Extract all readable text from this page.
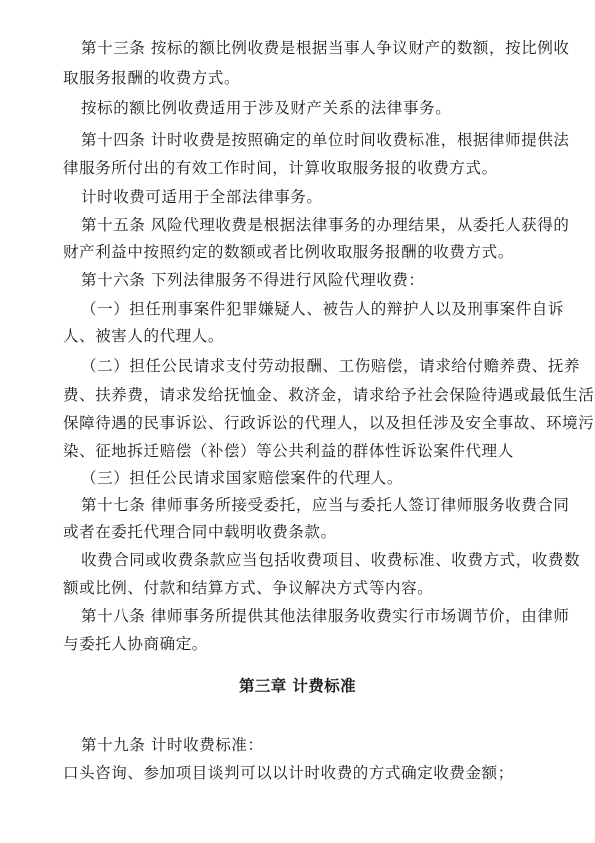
第十三条 按标的额比例收费是根据当事人争议财产的数额，按比例收
取服务报酬的收费方式。
按标的额比例收费适用于涉及财产关系的法律事务。
第十四条 计时收费是按照确定的单位时间收费标准，根据律师提供法
律服务所付出的有效工作时间，计算收取服务报的收费方式。
计时收费可适用于全部法律事务。
第十五条 风险代理收费是根据法律事务的办理结果，从委托人获得的
财产利益中按照约定的数额或者比例收取服务报酬的收费方式。
第十六条 下列法律服务不得进行风险代理收费：
（一）担任刑事案件犯罪嫌疑人、被告人的辩护人以及刑事案件自诉
人、被害人的代理人。
（二）担任公民请求支付劳动报酬、工伤赔偿，请求给付赡养费、抚养
费、扶养费，请求发给抚恤金、救济金，请求给予社会保险待遇或最低生活
保障待遇的民事诉讼、行政诉讼的代理人，以及担任涉及安全事故、环境污
染、征地拆迁赔偿（补偿）等公共利益的群体性诉讼案件代理人
（三）担任公民请求国家赔偿案件的代理人。
第十七条 律师事务所接受委托，应当与委托人签订律师服务收费合同
或者在委托代理合同中载明收费条款。
收费合同或收费条款应当包括收费项目、收费标准、收费方式，收费数
额或比例、付款和结算方式、争议解决方式等内容。
第十八条 律师事务所提供其他法律服务收费实行市场调节价，由律师
与委托人协商确定。
第三章 计费标准
第十九条 计时收费标准：
口头咨询、参加项目谈判可以以计时收费的方式确定收费金额；
